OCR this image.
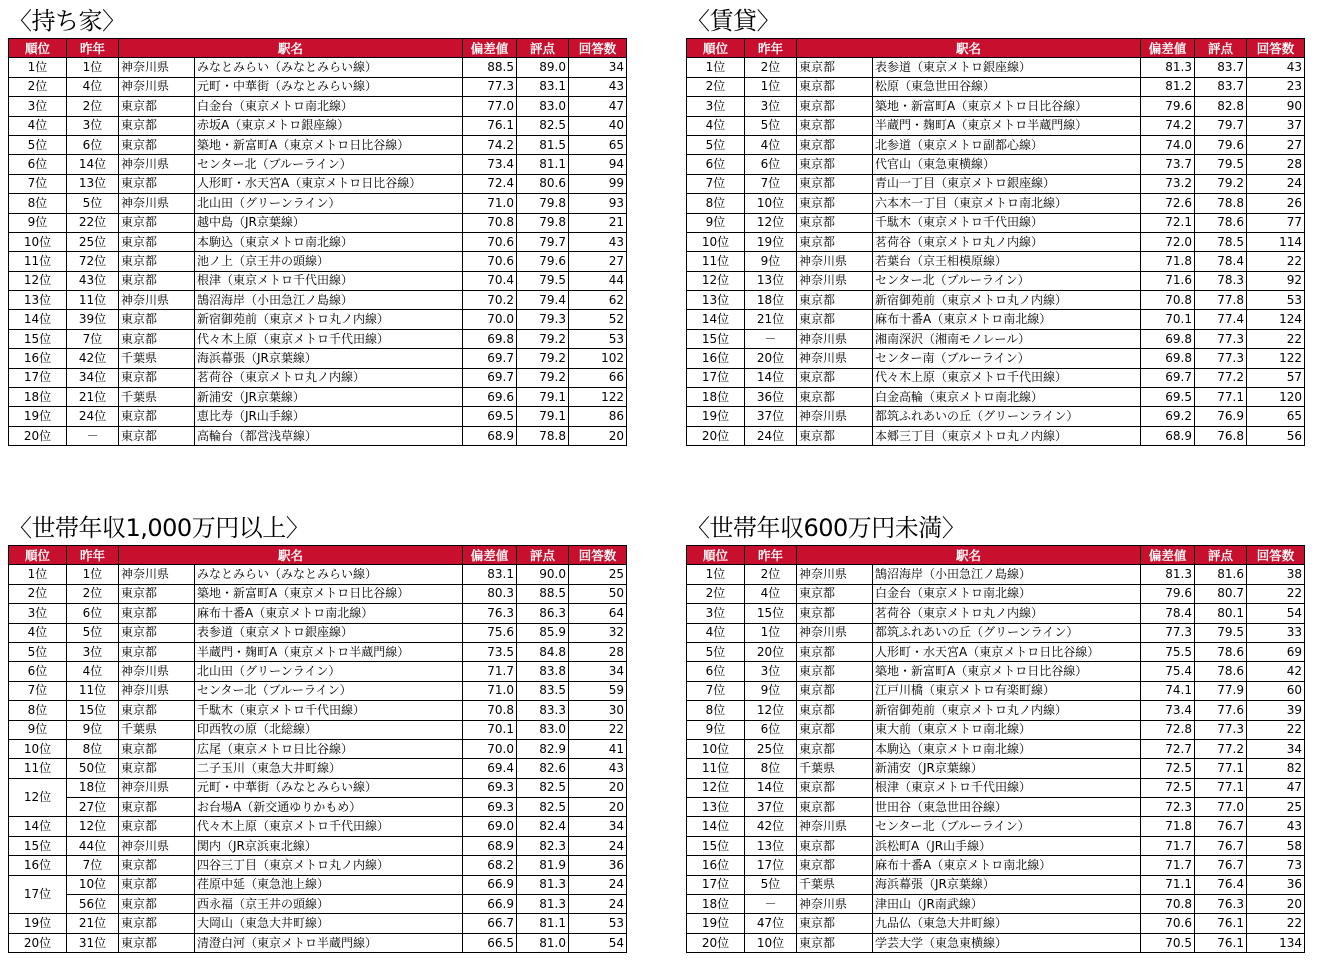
〈持ち家〉
順位	昨年	駅名		偏差値	評点	回答数
1位	1位	神奈川県	みなとみらい（みなとみらい線）	88.5	89.0	34
2位	4位	神奈川県	元町・中華街（みなとみらい線）	77.3	83.1	43
3位	2位	東京都	白金台（東京メトロ南北線）	77.0	83.0	47
4位	3位	東京都	赤坂A（東京メトロ銀座線）	76.1	82.5	40
5位	6位	東京都	築地・新富町A（東京メトロ日比谷線）	74.2	81.5	65
6位	14位	神奈川県	センター北（ブルーライン）	73.4	81.1	94
7位	13位	東京都	人形町・水天宮A（東京メトロ日比谷線）	72.4	80.6	99
8位	5位	神奈川県	北山田（グリーンライン）	71.0	79.8	93
9位	22位	東京都	越中島（JR京葉線）	70.8	79.8	21
10位	25位	東京都	本駒込（東京メトロ南北線）	70.6	79.7	43
11位	72位	東京都	池ノ上（京王井の頭線）	70.6	79.6	27
12位	43位	東京都	根津（東京メトロ千代田線）	70.4	79.5	44
13位	11位	神奈川県	鵠沼海岸（小田急江ノ島線）	70.2	79.4	62
14位	39位	東京都	新宿御苑前（東京メトロ丸ノ内線）	70.0	79.3	52
15位	7位	東京都	代々木上原（東京メトロ千代田線）	69.8	79.2	53
16位	42位	千葉県	海浜幕張（JR京葉線）	69.7	79.2	102
17位	34位	東京都	茗荷谷（東京メトロ丸ノ内線）	69.7	79.2	66
18位	21位	千葉県	新浦安（JR京葉線）	69.6	79.1	122
19位	24位	東京都	恵比寿（JR山手線）	69.5	79.1	86
20位	－	東京都	高輪台（都営浅草線）	68.9	78.8	20
〈賃貸〉
順位	昨年	駅名		偏差値	評点	回答数
1位	2位	東京都	表参道（東京メトロ銀座線）	81.3	83.7	43
2位	1位	東京都	松原（東急世田谷線）	81.2	83.7	23
3位	3位	東京都	築地・新富町A（東京メトロ日比谷線）	79.6	82.8	90
4位	5位	東京都	半蔵門・麹町A（東京メトロ半蔵門線）	74.2	79.7	37
5位	4位	東京都	北参道（東京メトロ副都心線）	74.0	79.6	27
6位	6位	東京都	代官山（東急東横線）	73.7	79.5	28
7位	7位	東京都	青山一丁目（東京メトロ銀座線）	73.2	79.2	24
8位	10位	東京都	六本木一丁目（東京メトロ南北線）	72.6	78.8	26
9位	12位	東京都	千駄木（東京メトロ千代田線）	72.1	78.6	77
10位	19位	東京都	茗荷谷（東京メトロ丸ノ内線）	72.0	78.5	114
11位	9位	神奈川県	若葉台（京王相模原線）	71.8	78.4	22
12位	13位	神奈川県	センター北（ブルーライン）	71.6	78.3	92
13位	18位	東京都	新宿御苑前（東京メトロ丸ノ内線）	70.8	77.8	53
14位	21位	東京都	麻布十番A（東京メトロ南北線）	70.1	77.4	124
15位	－	神奈川県	湘南深沢（湘南モノレール）	69.8	77.3	22
16位	20位	神奈川県	センター南（ブルーライン）	69.8	77.3	122
17位	14位	東京都	代々木上原（東京メトロ千代田線）	69.7	77.2	57
18位	36位	東京都	白金高輪（東京メトロ南北線）	69.5	77.1	120
19位	37位	神奈川県	都筑ふれあいの丘（グリーンライン）	69.2	76.9	65
20位	24位	東京都	本郷三丁目（東京メトロ丸ノ内線）	68.9	76.8	56
〈世帯年収1,000万円以上〉
順位	昨年	駅名		偏差値	評点	回答数
1位	1位	神奈川県	みなとみらい（みなとみらい線）	83.1	90.0	25
2位	2位	東京都	築地・新富町A（東京メトロ日比谷線）	80.3	88.5	50
3位	6位	東京都	麻布十番A（東京メトロ南北線）	76.3	86.3	64
4位	5位	東京都	表参道（東京メトロ銀座線）	75.6	85.9	32
5位	3位	東京都	半蔵門・麹町A（東京メトロ半蔵門線）	73.5	84.8	28
6位	4位	神奈川県	北山田（グリーンライン）	71.7	83.8	34
7位	11位	神奈川県	センター北（ブルーライン）	71.0	83.5	59
8位	15位	東京都	千駄木（東京メトロ千代田線）	70.8	83.3	30
9位	9位	千葉県	印西牧の原（北総線）	70.1	83.0	22
10位	8位	東京都	広尾（東京メトロ日比谷線）	70.0	82.9	41
11位	50位	東京都	二子玉川（東急大井町線）	69.4	82.6	43
12位	18位	神奈川県	元町・中華街（みなとみらい線）	69.3	82.5	20
	27位	東京都	お台場A（新交通ゆりかもめ）	69.3	82.5	20
14位	12位	東京都	代々木上原（東京メトロ千代田線）	69.0	82.4	34
15位	44位	神奈川県	関内（JR京浜東北線）	68.9	82.3	24
16位	7位	東京都	四谷三丁目（東京メトロ丸ノ内線）	68.2	81.9	36
17位	10位	東京都	荏原中延（東急池上線）	66.9	81.3	24
	56位	東京都	西永福（京王井の頭線）	66.9	81.3	24
19位	21位	東京都	大岡山（東急大井町線）	66.7	81.1	53
20位	31位	東京都	清澄白河（東京メトロ半蔵門線）	66.5	81.0	54
〈世帯年収600万円未満〉
順位	昨年	駅名		偏差値	評点	回答数
1位	2位	神奈川県	鵠沼海岸（小田急江ノ島線）	81.3	81.6	38
2位	4位	東京都	白金台（東京メトロ南北線）	79.6	80.7	22
3位	15位	東京都	茗荷谷（東京メトロ丸ノ内線）	78.4	80.1	54
4位	1位	神奈川県	都筑ふれあいの丘（グリーンライン）	77.3	79.5	33
5位	20位	東京都	人形町・水天宮A（東京メトロ日比谷線）	75.5	78.6	69
6位	3位	東京都	築地・新富町A（東京メトロ日比谷線）	75.4	78.6	42
7位	9位	東京都	江戸川橋（東京メトロ有楽町線）	74.1	77.9	60
8位	12位	東京都	新宿御苑前（東京メトロ丸ノ内線）	73.4	77.6	39
9位	6位	東京都	東大前（東京メトロ南北線）	72.8	77.3	22
10位	25位	東京都	本駒込（東京メトロ南北線）	72.7	77.2	34
11位	8位	千葉県	新浦安（JR京葉線）	72.5	77.1	82
12位	14位	東京都	根津（東京メトロ千代田線）	72.5	77.1	47
13位	37位	東京都	世田谷（東急世田谷線）	72.3	77.0	25
14位	42位	神奈川県	センター北（ブルーライン）	71.8	76.7	43
15位	13位	東京都	浜松町A（JR山手線）	71.7	76.7	58
16位	17位	東京都	麻布十番A（東京メトロ南北線）	71.7	76.7	73
17位	5位	千葉県	海浜幕張（JR京葉線）	71.1	76.4	36
18位	－	神奈川県	津田山（JR南武線）	70.8	76.3	20
19位	47位	東京都	九品仏（東急大井町線）	70.6	76.1	22
20位	10位	東京都	学芸大学（東急東横線）	70.5	76.1	134
